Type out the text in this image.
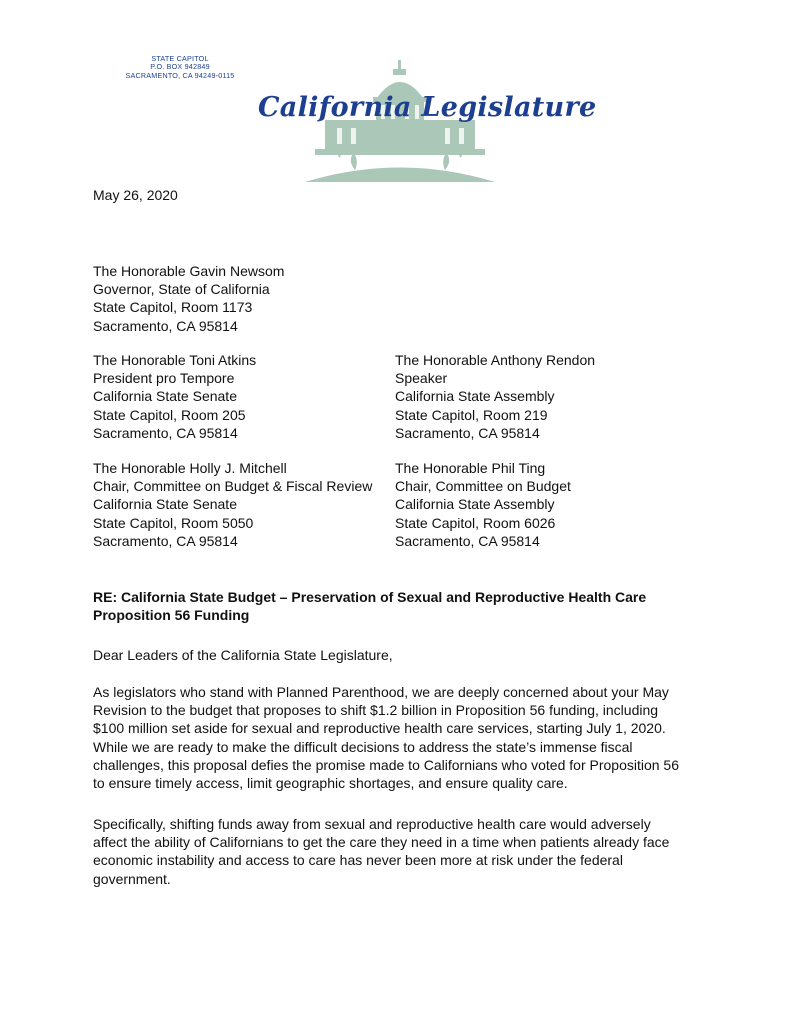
STATE CAPITOL
P.O. BOX 942849
SACRAMENTO, CA 94249-0115
California Legislature
May 26, 2020
The Honorable Gavin Newsom
Governor, State of California
State Capitol, Room 1173
Sacramento, CA 95814
The Honorable Toni Atkins
President pro Tempore
California State Senate
State Capitol, Room 205
Sacramento, CA 95814
The Honorable Anthony Rendon
Speaker
California State Assembly
State Capitol, Room 219
Sacramento, CA 95814
The Honorable Holly J. Mitchell
Chair, Committee on Budget & Fiscal Review
California State Senate
State Capitol, Room 5050
Sacramento, CA 95814
The Honorable Phil Ting
Chair, Committee on Budget
California State Assembly
State Capitol, Room 6026
Sacramento, CA 95814
RE: California State Budget – Preservation of Sexual and Reproductive Health Care
Proposition 56 Funding
Dear Leaders of the California State Legislature,
As legislators who stand with Planned Parenthood, we are deeply concerned about your May
Revision to the budget that proposes to shift $1.2 billion in Proposition 56 funding, including
$100 million set aside for sexual and reproductive health care services, starting July 1, 2020.
While we are ready to make the difficult decisions to address the state’s immense fiscal
challenges, this proposal defies the promise made to Californians who voted for Proposition 56
to ensure timely access, limit geographic shortages, and ensure quality care.
Specifically, shifting funds away from sexual and reproductive health care would adversely
affect the ability of Californians to get the care they need in a time when patients already face
economic instability and access to care has never been more at risk under the federal
government.
